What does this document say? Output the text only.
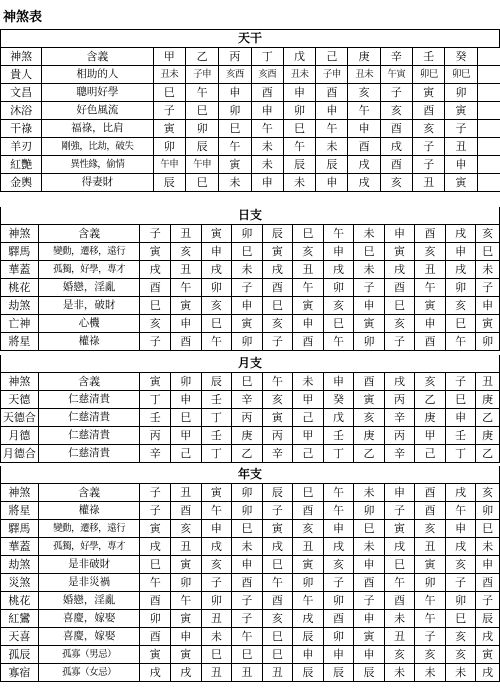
神煞表
天干												
神煞	含義	甲	乙	丙	丁	戊	己	庚	辛	壬	癸	
貴人	相助的人	丑未	子申	亥酉	亥酉	丑未	子申	丑未	午寅	卯巳	卯巳	
文昌	聰明好學	巳	午	申	酉	申	酉	亥	子	寅	卯	
沐浴	好色風流	子	巳	卯	申	卯	申	午	亥	酉	寅	
干祿	福祿，比肩	寅	卯	巳	午	巳	午	申	酉	亥	子	
羊刃	剛強，比劫，破失	卯	辰	午	未	午	未	酉	戌	子	丑	
紅艷	異性緣，偷情	午申	午申	寅	未	辰	辰	戌	酉	子	申	
金輿	得妻財	辰	巳	未	申	未	申	戌	亥	丑	寅	
日支													
神煞	含義	子	丑	寅	卯	辰	巳	午	未	申	酉	戌	亥
驛馬	變動，遷移，遠行	寅	亥	申	巳	寅	亥	申	巳	寅	亥	申	巳
華蓋	孤獨，好學，專才	戌	丑	戌	未	戌	丑	戌	未	戌	丑	戌	未
桃花	婚戀，淫亂	酉	午	卯	子	酉	午	卯	子	酉	午	卯	子
劫煞	是非，破財	巳	寅	亥	申	巳	寅	亥	申	巳	寅	亥	申
亡神	心機	亥	申	巳	寅	亥	申	巳	寅	亥	申	巳	寅
將星	權祿	子	酉	午	卯	子	酉	午	卯	子	酉	午	卯
月支													
神煞	含義	寅	卯	辰	巳	午	未	申	酉	戌	亥	子	丑
天德	仁慈清貴	丁	申	壬	辛	亥	甲	癸	寅	丙	乙	巳	庚
天德合	仁慈清貴	壬	巳	丁	丙	寅	己	戊	亥	辛	庚	申	乙
月德	仁慈清貴	丙	甲	壬	庚	丙	甲	壬	庚	丙	甲	壬	庚
月德合	仁慈清貴	辛	己	丁	乙	辛	己	丁	乙	辛	己	丁	乙
年支													
神煞	含義	子	丑	寅	卯	辰	巳	午	未	申	酉	戌	亥
將星	權祿	子	酉	午	卯	子	酉	午	卯	子	酉	午	卯
驛馬	變動，遷移，遠行	寅	亥	申	巳	寅	亥	申	巳	寅	亥	申	巳
華蓋	孤獨，好學，專才	戌	丑	戌	未	戌	丑	戌	未	戌	丑	戌	未
劫煞	是非破財	巳	寅	亥	申	巳	寅	亥	申	巳	寅	亥	申
災煞	是非災禍	午	卯	子	酉	午	卯	子	酉	午	卯	子	酉
桃花	婚戀，淫亂	酉	午	卯	子	酉	午	卯	子	酉	午	卯	子
紅鸞	喜慶，嫁娶	卯	寅	丑	子	亥	戌	酉	申	未	午	巳	辰
天喜	喜慶，嫁娶	酉	申	未	午	巳	辰	卯	寅	丑	子	亥	戌
孤辰	孤寡（男忌）	寅	寅	巳	巳	巳	申	申	申	亥	亥	亥	寅
寡宿	孤寡（女忌）	戌	戌	丑	丑	丑	辰	辰	辰	未	未	未	戌
